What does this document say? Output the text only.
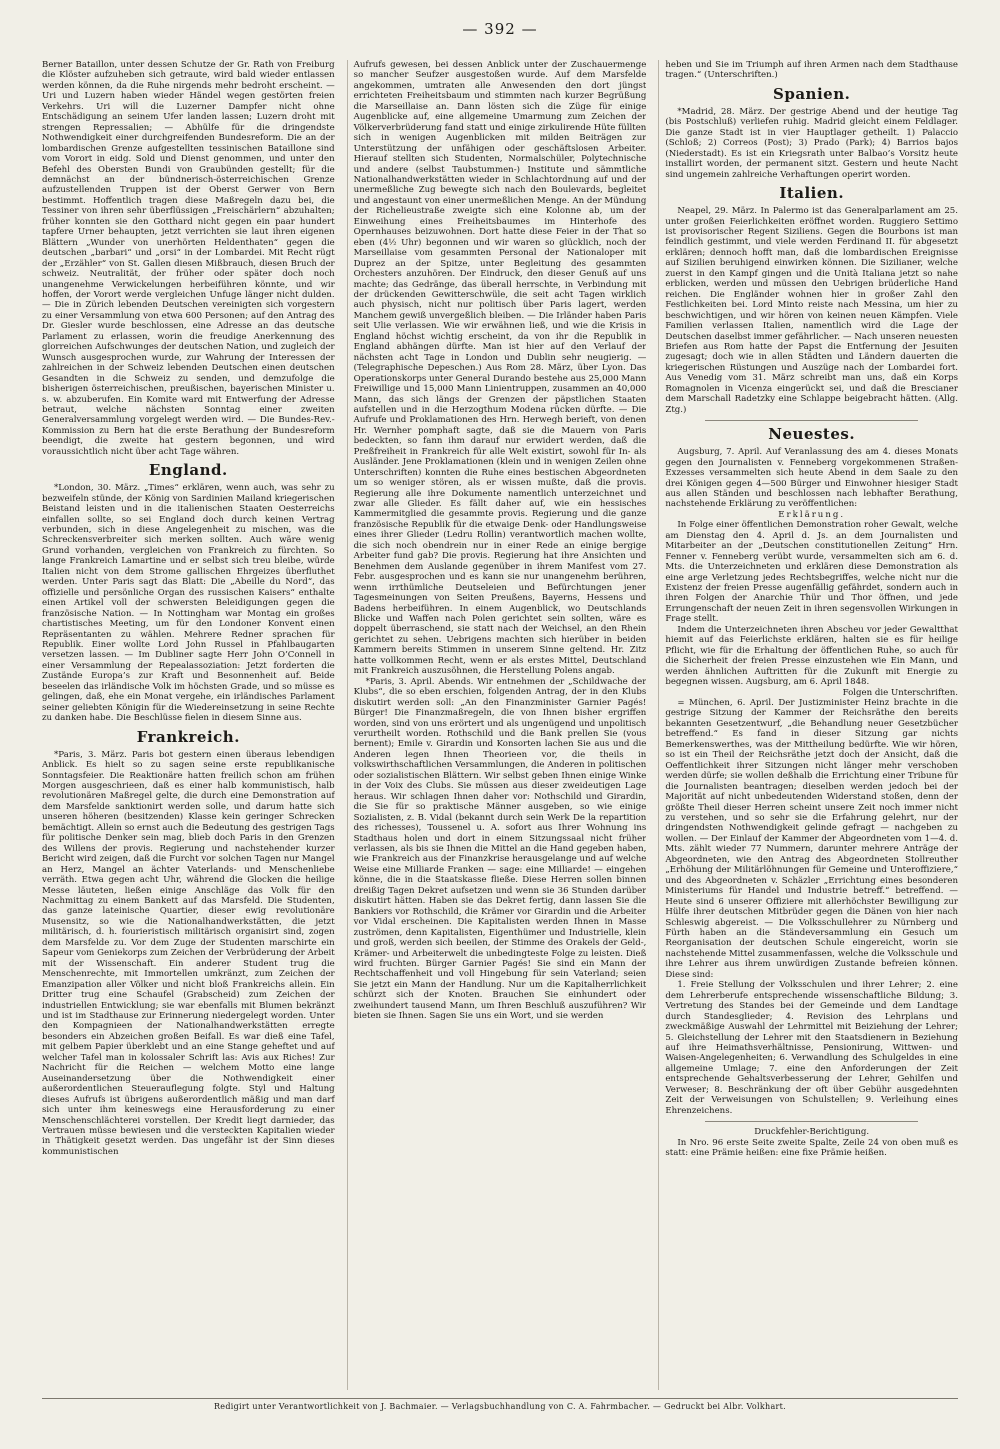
— 392 —

Berner Bataillon, unter dessen Schutze der Gr. Rath von Freiburg die Klöster aufzuheben sich getraute, wird bald wieder entlassen werden können, da die Ruhe nirgends mehr bedroht erscheint. — Uri und Luzern haben wieder Händel wegen gestörten freien Verkehrs. Uri will die Luzerner Dampfer nicht ohne Entschädigung an seinem Ufer landen lassen; Luzern droht mit strengen Repressalien; — Abhülfe für die dringendste Nothwendigkeit einer durchgreifenden Bundesreform. Die an der lombardischen Grenze aufgestellten tessinischen Bataillone sind vom Vorort in eidg. Sold und Dienst genommen, und unter den Befehl des Obersten Bundi von Graubünden gestellt; für die demnächst an der bündnerisch-österreichischen Grenze aufzustellenden Truppen ist der Oberst Gerwer von Bern bestimmt. Hoffentlich tragen diese Maßregeln dazu bei, die Tessiner von ihren sehr überflüssigen „Freischärlern“ abzuhalten; früher konnten sie den Gotthard nicht gegen ein paar hundert tapfere Urner behaupten, jetzt verrichten sie laut ihren eigenen Blättern „Wunder von unerhörten Heldenthaten“ gegen die deutschen „barbari“ und „orsi“ in der Lombardei. Mit Recht rügt der „Erzähler“ von St. Gallen diesen Mißbrauch, diesen Bruch der schweiz. Neutralität, der früher oder später doch noch unangenehme Verwickelungen herbeiführen könnte, und wir hoffen, der Vorort werde vergleichen Unfuge länger nicht dulden. — Die in Zürich lebenden Deutschen vereinigten sich vorgestern zu einer Versammlung von etwa 600 Personen; auf den Antrag des Dr. Giesler wurde beschlossen, eine Adresse an das deutsche Parlament zu erlassen, worin die freudige Anerkennung des glorreichen Aufschwunges der deutschen Nation, und zugleich der Wunsch ausgesprochen wurde, zur Wahrung der Interessen der zahlreichen in der Schweiz lebenden Deutschen einen deutschen Gesandten in die Schweiz zu senden, und demzufolge die bisherigen österreichischen, preußischen, bayerischen Minister u. s. w. abzuberufen. Ein Komite ward mit Entwerfung der Adresse betraut, welche nächsten Sonntag einer zweiten Generalversammlung vorgelegt werden wird. — Die Bundes-Rev.-Kommission zu Bern hat die erste Berathung der Bundesreform beendigt, die zweite hat gestern begonnen, und wird voraussichtlich nicht über acht Tage währen.

England.

*London, 30. März. „Times“ erklären, wenn auch, was sehr zu bezweifeln stünde, der König von Sardinien Mailand kriegerischen Beistand leisten und in die italienischen Staaten Oesterreichs einfallen sollte, so sei England doch durch keinen Vertrag verbunden, sich in diese Angelegenheit zu mischen, was die Schreckensverbreiter sich merken sollten. Auch wäre wenig Grund vorhanden, vergleichen von Frankreich zu fürchten. So lange Frankreich Lamartine und er selbst sich treu bleibe, würde Italien nicht von dem Strome gallischen Ehrgeizes überfluthet werden. Unter Paris sagt das Blatt: Die „Abeille du Nord“, das offizielle und persönliche Organ des russischen Kaisers“ enthalte einen Artikel voll der schwersten Beleidigungen gegen die französische Nation. — In Nottingham war Montag ein großes chartistisches Meeting, um für den Londoner Konvent einen Repräsentanten zu wählen. Mehrere Redner sprachen für Republik. Einer wollte Lord John Russel in Pfahlbaugarten versetzen lassen. — Im Dubliner sagte Herr John O’Connell in einer Versammlung der Repealassoziation: Jetzt forderten die Zustände Europa’s zur Kraft und Besonnenheit auf. Beide beseelen das irländische Volk im höchsten Grade, und so müsse es gelingen, daß, ehe ein Monat vergehe, ein irländisches Parlament seiner geliebten Königin für die Wiedereinsetzung in seine Rechte zu danken habe. Die Beschlüsse fielen in diesem Sinne aus.

Frankreich.

*Paris, 3. März. Paris bot gestern einen überaus lebendigen Anblick. Es hielt so zu sagen seine erste republikanische Sonntagsfeier. Die Reaktionäre hatten freilich schon am frühen Morgen ausgeschrieen, daß es einer halb kommunistisch, halb revolutionären Maßregel gelte, die durch eine Demonstration auf dem Marsfelde sanktionirt werden solle, und darum hatte sich unseren höheren (besitzenden) Klasse kein geringer Schrecken bemächtigt. Allein so ernst auch die Bedeutung des gestrigen Tags für politische Denker sein mag, blieb doch Paris in den Grenzen des Willens der provis. Regierung und nachstehender kurzer Bericht wird zeigen, daß die Furcht vor solchen Tagen nur Mangel an Herz, Mangel an ächter Vaterlands- und Menschenliebe verräth. Etwa gegen acht Uhr, während die Glocken die heilige Messe läuteten, ließen einige Anschläge das Volk für den Nachmittag zu einem Bankett auf das Marsfeld. Die Studenten, das ganze lateinische Quartier, dieser ewig revolutionäre Musensitz, so wie die Nationalhandwerkstätten, die jetzt militärisch, d. h. fourieristisch militärisch organisirt sind, zogen dem Marsfelde zu. Vor dem Zuge der Studenten marschirte ein Sapeur vom Geniekorps zum Zeichen der Verbrüderung der Arbeit mit der Wissenschaft. Ein anderer Student trug die Menschenrechte, mit Immortellen umkränzt, zum Zeichen der Emanzipation aller Völker und nicht bloß Frankreichs allein. Ein Dritter trug eine Schaufel (Grabscheid) zum Zeichen der industriellen Entwicklung; sie war ebenfalls mit Blumen bekränzt und ist im Stadthause zur Erinnerung niedergelegt worden. Unter den Kompagnieen der Nationalhandwerkstätten erregte besonders ein Abzeichen großen Beifall. Es war dieß eine Tafel, mit gelbem Papier überklebt und an eine Stange geheftet und auf welcher Tafel man in kolossaler Schrift las: Avis aux Riches! Zur Nachricht für die Reichen — welchem Motto eine lange Auseinandersetzung über die Nothwendigkeit einer außerordentlichen Steuerauflegung folgte. Styl und Haltung dieses Aufrufs ist übrigens außerordentlich mäßig und man darf sich unter ihm keineswegs eine Herausforderung zu einer Menschenschlächterei vorstellen. Der Kredit liegt darnieder, das Vertrauen müsse bewiesen und die versteckten Kapitalien wieder in Thätigkeit gesetzt werden. Das ungefähr ist der Sinn dieses kommunistischen

Aufrufs gewesen, bei dessen Anblick unter der Zuschauermenge so mancher Seufzer ausgestoßen wurde. Auf dem Marsfelde angekommen, umtraten alle Anwesenden den dort jüngst errichteten Freiheitsbaum und stimmten nach kurzer Begrüßung die Marseillaise an. Dann lösten sich die Züge für einige Augenblicke auf, eine allgemeine Umarmung zum Zeichen der Völkerverbrüderung fand statt und einige zirkulirende Hüte füllten sich in wenigen Augenblicken mit milden Beiträgen zur Unterstützung der unfähigen oder geschäftslosen Arbeiter. Hierauf stellten sich Studenten, Normalschüler, Polytechnische und andere (selbst Taubstummen-) Institute und sämmtliche Nationalhandwerkstätten wieder in Schlachtordnung auf und der unermeßliche Zug bewegte sich nach den Boulevards, begleitet und angestaunt von einer unermeßlichen Menge. An der Mündung der Richelieustraße zweigte sich eine Kolonne ab, um der Einweihung eines Freiheitsbaumes im Hinterhofe des Opernhauses beizuwohnen. Dort hatte diese Feier in der That so eben (4½ Uhr) begonnen und wir waren so glücklich, noch der Marseillaise vom gesammten Personal der Nationaloper mit Duprez an der Spitze, unter Begleitung des gesammten Orchesters anzuhören. Der Eindruck, den dieser Genuß auf uns machte; das Gedränge, das überall herrschte, in Verbindung mit der drückenden Gewitterschwüle, die seit acht Tagen wirklich auch physisch, nicht nur politisch über Paris lagert, werden Manchem gewiß unvergeßlich bleiben. — Die Irländer haben Paris seit Ulie verlassen. Wie wir erwähnen ließ, und wie die Krisis in England höchst wichtig erscheint, da von ihr die Republik in England abhängen dürfte. Man ist hier auf den Verlauf der nächsten acht Tage in London und Dublin sehr neugierig. — (Telegraphische Depeschen.) Aus Rom 28. März, über Lyon. Das Operationskorps unter General Durando bestehe aus 25,000 Mann Freiwillige und 15,000 Mann Linientruppen, zusammen an 40,000 Mann, das sich längs der Grenzen der päpstlichen Staaten aufstellen und in die Herzogthum Modena rücken dürfte. — Die Aufrufe und Proklamationen des Hrn. Herwegh berieft, von denen Hr. Wernher pomphaft sagte, daß sie die Mauern von Paris bedeckten, so fann ihm darauf nur erwidert werden, daß die Preßfreiheit in Frankreich für alle Welt existirt, sowohl für In- als Ausländer. Jene Proklamationen (klein und in wenigen Zeilen ohne Unterschriften) konnten die Ruhe eines bestischen Abgeordneten um so weniger stören, als er wissen mußte, daß die provis. Regierung alle ihre Dokumente namentlich unterzeichnet und zwar alle Glieder. Es fällt daher auf, wie ein hessisches Kammermitglied die gesammte provis. Regierung und die ganze französische Republik für die etwaige Denk- oder Handlungsweise eines ihrer Glieder (Ledru Rollin) verantwortlich machen wollte, die sich noch obendrein nur in einer Rede an einige bergige Arbeiter fund gab? Die provis. Regierung hat ihre Ansichten und Benehmen dem Auslande gegenüber in ihrem Manifest vom 27. Febr. ausgesprochen und es kann sie nur unangenehm berühren, wenn irrthümliche Deutseleien und Befürchtungen jener Tagesmeinungen von Seiten Preußens, Bayerns, Hessens und Badens herbeiführen. In einem Augenblick, wo Deutschlands Blicke und Waffen nach Polen gerichtet sein sollten, wäre es doppelt überraschend, sie statt nach der Weichsel, an den Rhein gerichtet zu sehen. Uebrigens machten sich hierüber in beiden Kammern bereits Stimmen in unserem Sinne geltend. Hr. Zitz hatte vollkommen Recht, wenn er als erstes Mittel, Deutschland mit Frankreich auszusöhnen, die Herstellung Polens angab.

*Paris, 3. April. Abends. Wir entnehmen der „Schildwache der Klubs“, die so eben erschien, folgenden Antrag, der in den Klubs diskutirt werden soll: „An den Finanzminister Garnier Pagés! Bürger! Die Finanzmaßregeln, die von Ihnen bisher ergriffen worden, sind von uns erörtert und als ungenügend und unpolitisch verurtheilt worden. Rothschild und die Bank prellen Sie (vous bernent); Emile v. Girardin und Konsorten lachen Sie aus und die Anderen legen Ihnen Theorieen vor, die theils in volkswirthschaftlichen Versammlungen, die Anderen in politischen oder sozialistischen Blättern. Wir selbst geben Ihnen einige Winke in der Voix des Clubs. Sie müssen aus dieser zweideutigen Lage heraus. Wir schlagen Ihnen daher vor: Nothschild und Girardin, die Sie für so praktische Männer ausgeben, so wie einige Sozialisten, z. B. Vidal (bekannt durch sein Werk De la repartition des richesses), Toussenel u. A. sofort aus Ihrer Wohnung ins Stadthaus holen und dort in einem Sitzungssaal nicht früher verlassen, als bis sie Ihnen die Mittel an die Hand gegeben haben, wie Frankreich aus der Finanzkrise herausgelange und auf welche Weise eine Milliarde Franken — sage: eine Milliarde! — eingehen könne, die in die Staatskasse fließe. Diese Herren sollen binnen dreißig Tagen Dekret aufsetzen und wenn sie 36 Stunden darüber diskutirt hätten. Haben sie das Dekret fertig, dann lassen Sie die Bankiers vor Rothschild, die Krämer vor Girardin und die Arbeiter vor Vidal erscheinen. Die Kapitalisten werden Ihnen in Masse zuströmen, denn Kapitalisten, Eigenthümer und Industrielle, klein und groß, werden sich beeilen, der Stimme des Orakels der Geld-, Krämer- und Arbeiterwelt die unbedingteste Folge zu leisten. Dieß wird fruchten. Bürger Garnier Pagés! Sie sind ein Mann der Rechtschaffenheit und voll Hingebung für sein Vaterland; seien Sie jetzt ein Mann der Handlung. Nur um die Kapitalherrlichkeit schürzt sich der Knoten. Brauchen Sie einhundert oder zweihundert tausend Mann, um Ihren Beschluß auszuführen? Wir bieten sie Ihnen. Sagen Sie uns ein Wort, und sie werden

heben und Sie im Triumph auf ihren Armen nach dem Stadthause tragen.“ (Unterschriften.)

Spanien.

*Madrid, 28. März. Der gestrige Abend und der heutige Tag (bis Postschluß) verliefen ruhig. Madrid gleicht einem Feldlager. Die ganze Stadt ist in vier Hauptlager getheilt. 1) Palaccio (Schloß; 2) Correos (Post); 3) Prado (Park); 4) Barrios bajos (Niederstadt). Es ist ein Kriegsrath unter Balbao’s Vorsitz heute installirt worden, der permanent sitzt. Gestern und heute Nacht sind ungemein zahlreiche Verhaftungen operirt worden.

Italien.

Neapel, 29. März. In Palermo ist das Generalparlament am 25. unter großen Feierlichkeiten eröffnet worden. Ruggiero Settimo ist provisorischer Regent Siziliens. Gegen die Bourbons ist man feindlich gestimmt, und viele werden Ferdinand II. für abgesetzt erklären; dennoch hofft man, daß die lombardischen Ereignisse auf Sizilien beruhigend einwirken können. Die Sizilianer, welche zuerst in den Kampf gingen und die Unità Italiana jetzt so nahe erblicken, werden und müssen den Uebrigen brüderliche Hand reichen. Die Engländer wohnen hier in großer Zahl den Festlichkeiten bei. Lord Minto reiste nach Messina, um hier zu beschwichtigen, und wir hören von keinen neuen Kämpfen. Viele Familien verlassen Italien, namentlich wird die Lage der Deutschen daselbst immer gefährlicher. — Nach unseren neuesten Briefen aus Rom hatte der Papst die Entfernung der Jesuiten zugesagt; doch wie in allen Städten und Ländern dauerten die kriegerischen Rüstungen und Auszüge nach der Lombardei fort. Aus Venedig vom 31. März schreibt man uns, daß ein Korps Romagnolen in Vicenza eingerückt sei, und daß die Brescianer dem Marschall Radetzky eine Schlappe beigebracht hätten. (Allg. Ztg.)

Neuestes.

Augsburg, 7. April. Auf Veranlassung des am 4. dieses Monats gegen den Journalisten v. Fenneberg vorgekommenen Straßen-Exzesses versammelten sich heute Abend in dem Saale zu den drei Königen gegen 4—500 Bürger und Einwohner hiesiger Stadt aus allen Ständen und beschlossen nach lebhafter Berathung, nachstehende Erklärung zu veröffentlichen:

Erklärung.

In Folge einer öffentlichen Demonstration roher Gewalt, welche am Dienstag den 4. April d. Js. an dem Journalisten und Mitarbeiter an der „Deutschen constitutionellen Zeitung“ Hrn. Fenner v. Fenneberg verübt wurde, versammelten sich am 6. d. Mts. die Unterzeichneten und erklären diese Demonstration als eine arge Verletzung jedes Rechtsbegriffes, welche nicht nur die Existenz der freien Presse augenfällig gefährdet, sondern auch in ihren Folgen der Anarchie Thür und Thor öffnen, und jede Errungenschaft der neuen Zeit in ihren segensvollen Wirkungen in Frage stellt.

Indem die Unterzeichneten ihren Abscheu vor jeder Gewaltthat hiemit auf das Feierlichste erklären, halten sie es für heilige Pflicht, wie für die Erhaltung der öffentlichen Ruhe, so auch für die Sicherheit der freien Presse einzustehen wie Ein Mann, und werden ähnlichen Auftritten für die Zukunft mit Energie zu begegnen wissen. Augsburg, am 6. April 1848.

Folgen die Unterschriften.

= München, 6. April. Der Justizminister Heinz brachte in die gestrige Sitzung der Kammer der Reichsräthe den bereits bekannten Gesetzentwurf, „die Behandlung neuer Gesetzbücher betreffend.“ Es fand in dieser Sitzung gar nichts Bemerkenswerthes, was der Mittheilung bedürfte. Wie wir hören, so ist ein Theil der Reichsräthe jetzt doch der Ansicht, daß die Oeffentlichkeit ihrer Sitzungen nicht länger mehr verschoben werden dürfe; sie wollen deßhalb die Errichtung einer Tribune für die Journalisten beantragen; dieselben werden jedoch bei der Majorität auf nicht unbedeutenden Widerstand stoßen, denn der größte Theil dieser Herren scheint unsere Zeit noch immer nicht zu verstehen, und so sehr sie die Erfahrung gelehrt, nur der dringendsten Nothwendigkeit gelinde gefragt — nachgeben zu wollen. — Der Einlauf der Kammer der Abgeordneten vom 1—4. d. Mts. zählt wieder 77 Nummern, darunter mehrere Anträge der Abgeordneten, wie den Antrag des Abgeordneten Stollreuther „Erhöhung der Militärlöhnungen für Gemeine und Unteroffiziere,“ und des Abgeordneten v. Schäzler „Errichtung eines besonderen Ministeriums für Handel und Industrie betreff.“ betreffend. — Heute sind 6 unserer Offiziere mit allerhöchster Bewilligung zur Hülfe ihrer deutschen Mitbrüder gegen die Dänen von hier nach Schleswig abgereist. — Die Volksschullehrer zu Nürnberg und Fürth haben an die Ständeversammlung ein Gesuch um Reorganisation der deutschen Schule eingereicht, worin sie nachstehende Mittel zusammenfassen, welche die Volksschule und ihre Lehrer aus ihrem unwürdigen Zustande befreien können. Diese sind:

1. Freie Stellung der Volksschulen und ihrer Lehrer; 2. eine dem Lehrerberufe entsprechende wissenschaftliche Bildung; 3. Vertretung des Standes bei der Gemeinde und dem Landtage durch Standesglieder; 4. Revision des Lehrplans und zweckmäßige Auswahl der Lehrmittel mit Beiziehung der Lehrer; 5. Gleichstellung der Lehrer mit den Staatsdienern in Beziehung auf ihre Heimathsverhältnisse, Pensionirung, Wittwen- und Waisen-Angelegenheiten; 6. Verwandlung des Schulgeldes in eine allgemeine Umlage; 7. eine den Anforderungen der Zeit entsprechende Gehaltsverbesserung der Lehrer, Gehilfen und Verweser; 8. Beschränkung der oft über Gebühr ausgedehnten Zeit der Verweisungen von Schulstellen; 9. Verleihung eines Ehrenzeichens.

Druckfehler-Berichtigung.

In Nro. 96 erste Seite zweite Spalte, Zeile 24 von oben muß es statt: eine Prämie heißen: eine fixe Prämie heißen.

Redigirt unter Verantwortlichkeit von J. Bachmaier. — Verlagsbuchhandlung von C. A. Fahrmbacher. — Gedruckt bei Albr. Volkhart.
